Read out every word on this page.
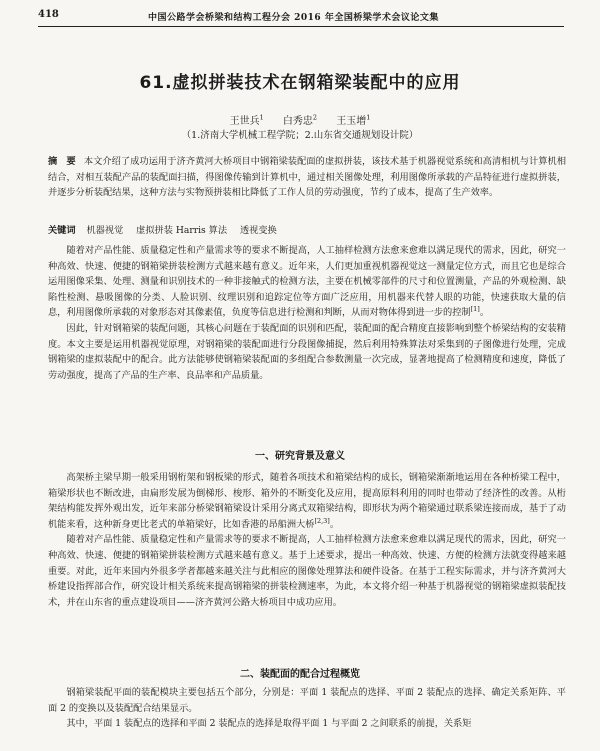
418	中国公路学会桥梁和结构工程分会 2016 年全国桥梁学术会议论文集
61.虚拟拼装技术在钢箱梁装配中的应用
王世兵$^1$ 白秀忠$^2$ 王玉增$^1$
（1.济南大学机械工程学院；2.山东省交通规划设计院）
摘　要 本文介绍了成功运用于济齐黄河大桥项目中钢箱梁装配面的虚拟拼装，该技术基于机器视觉系统和高清相机与计算机相结合，对相互装配产品的装配面扫描，得图像传输到计算机中，通过相关图像处理，利用图像所承载的产品特征进行虚拟拼装，并逐步分析装配结果，这种方法与实物预拼装相比降低了工作人员的劳动强度，节约了成本，提高了生产效率。
关键词 机器视觉 虚拟拼装 Harris 算法 透视变换

随着对产品性能、质量稳定性和产量需求等的要求不断提高，人工抽样检测方法愈来愈难以满足现代的需求，因此，研究一种高效、快速、便捷的钢箱梁拼装检测方式越来越有意义。近年来，人们更加重视机器视觉这一测量定位方式，而且它也是综合运用图像采集、处理、测量和识别技术的一种非接触式的检测方法，主要在机械零部件的尺寸和位置测量，产品的外观检测、缺陷性检测、悬吸图像的分类、人脸识别、纹理识别和追踪定位等方面广泛应用，用机器来代替人眼的功能，快速获取大量的信息，利用图像所承载的对象形态对其像素值，负度等信息进行检测和判断，从而对物体得到进一步的控制[1]。

因此，针对钢箱梁的装配问题，其核心问题在于装配面的识别和匹配，装配面的配合精度直接影响到整个桥梁结构的安装精度。本文主要是运用机器视觉原理，对钢箱梁的装配面进行分段图像捕捉，然后利用特殊算法对采集到的子图像进行处理，完成钢箱梁的虚拟装配中的配合。此方法能够使钢箱梁装配面的多组配合参数测量一次完成，显著地提高了检测精度和速度，降低了劳动强度，提高了产品的生产率、良品率和产品质量。

一、研究背景及意义

高架桥主梁早期一般采用钢桁架和钢板梁的形式，随着各项技术和箱梁结构的成长，钢箱梁渐渐地运用在各种桥梁工程中，箱梁形状也不断改进，由扁形发展为倒梯形、梭形、箱外的不断变化及应用，提高原料利用的同时也带动了经济性的改善。从桁架结构能发挥外观出发，近年来部分桥梁钢箱梁设计采用分离式双箱梁结构，即形状为两个箱梁通过联系梁连接而成，基于了动机能来看，这种新身更比老式的单箱梁好，比如香港的昂船洲大桥[2,3]。

随着对产品性能、质量稳定性和产量需求等的要求不断提高，人工抽样检测方法愈来愈难以满足现代的需求，因此，研究一种高效、快速、便捷的钢箱梁拼装检测方式越来越有意义。基于上述要求，提出一种高效、快速、方便的检测方法就变得越来越重要。对此，近年来国内外很多学者都越来越关注与此相应的图像处理算法和硬件设备。在基于工程实际需求，并与济齐黄河大桥建设指挥部合作，研究设计相关系统来提高钢箱梁的拼装检测速率，为此，本文将介绍一种基于机器视觉的钢箱梁虚拟装配技术，并在山东省的重点建设项目——济齐黄河公路大桥项目中成功应用。

二、装配面的配合过程概览

钢箱梁装配平面的装配模块主要包括五个部分，分别是：平面 1 装配点的选择、平面 2 装配点的选择、确定关系矩阵、平面 2 的变换以及装配配合结果显示。

其中，平面 1 装配点的选择和平面 2 装配点的选择是取得平面 1 与平面 2 之间联系的前提，关系矩
